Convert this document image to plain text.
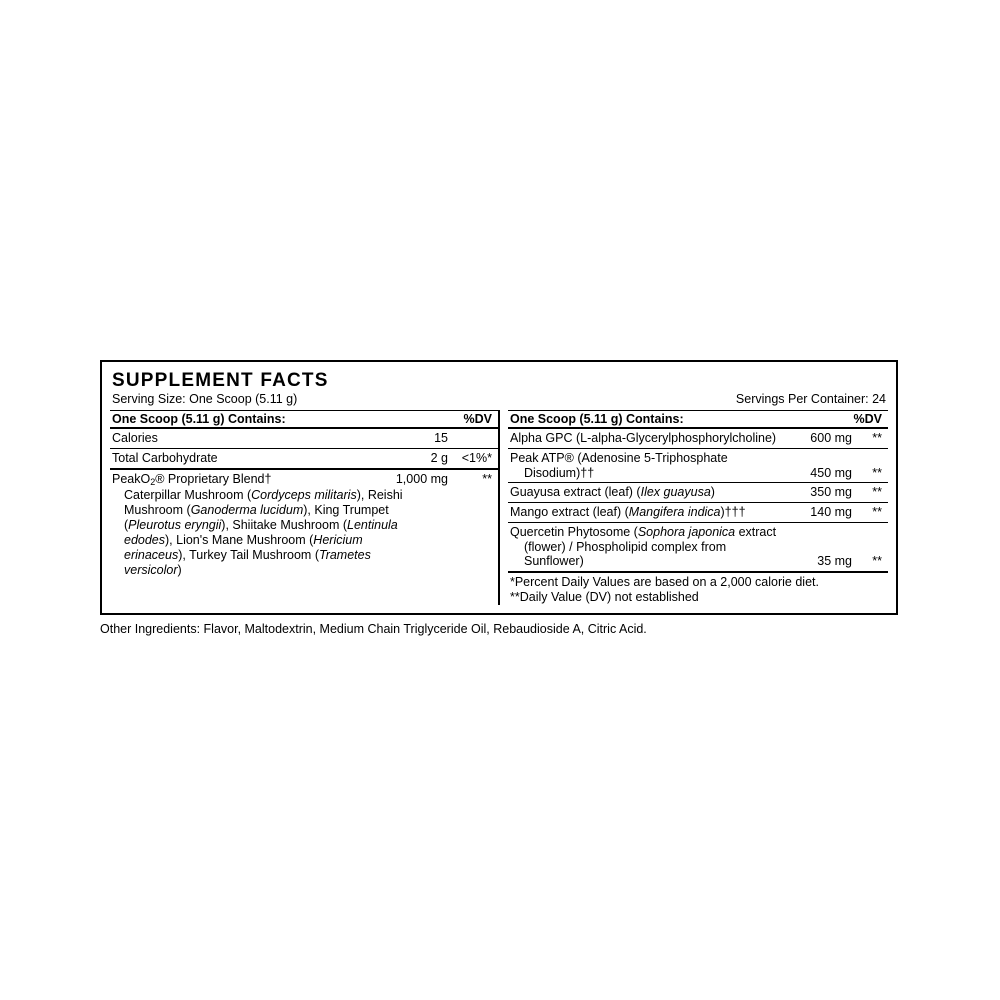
SUPPLEMENT FACTS
Serving Size: One Scoop (5.11 g)	Servings Per Container: 24
One Scoop (5.11 g) Contains:	%DV
Calories	15
Total Carbohydrate	2 g	<1%*
PeakO$_2$® Proprietary Blend†	1,000 mg	**
Caterpillar Mushroom (Cordyceps militaris), Reishi Mushroom (Ganoderma lucidum), King Trumpet (Pleurotus eryngii), Shiitake Mushroom (Lentinula edodes), Lion's Mane Mushroom (Hericium erinaceus), Turkey Tail Mushroom (Trametes versicolor)
One Scoop (5.11 g) Contains:	%DV
Alpha GPC (L-alpha-Glycerylphosphorylcholine)	600 mg	**
Peak ATP® (Adenosine 5-Triphosphate
Disodium)††	450 mg	**
Guayusa extract (leaf) (Ilex guayusa)	350 mg	**
Mango extract (leaf) (Mangifera indica)†††	140 mg	**
Quercetin Phytosome (Sophora japonica extract
(flower) / Phospholipid complex from Sunflower)	35 mg	**
*Percent Daily Values are based on a 2,000 calorie diet.
**Daily Value (DV) not established
Other Ingredients: Flavor, Maltodextrin, Medium Chain Triglyceride Oil, Rebaudioside A, Citric Acid.
